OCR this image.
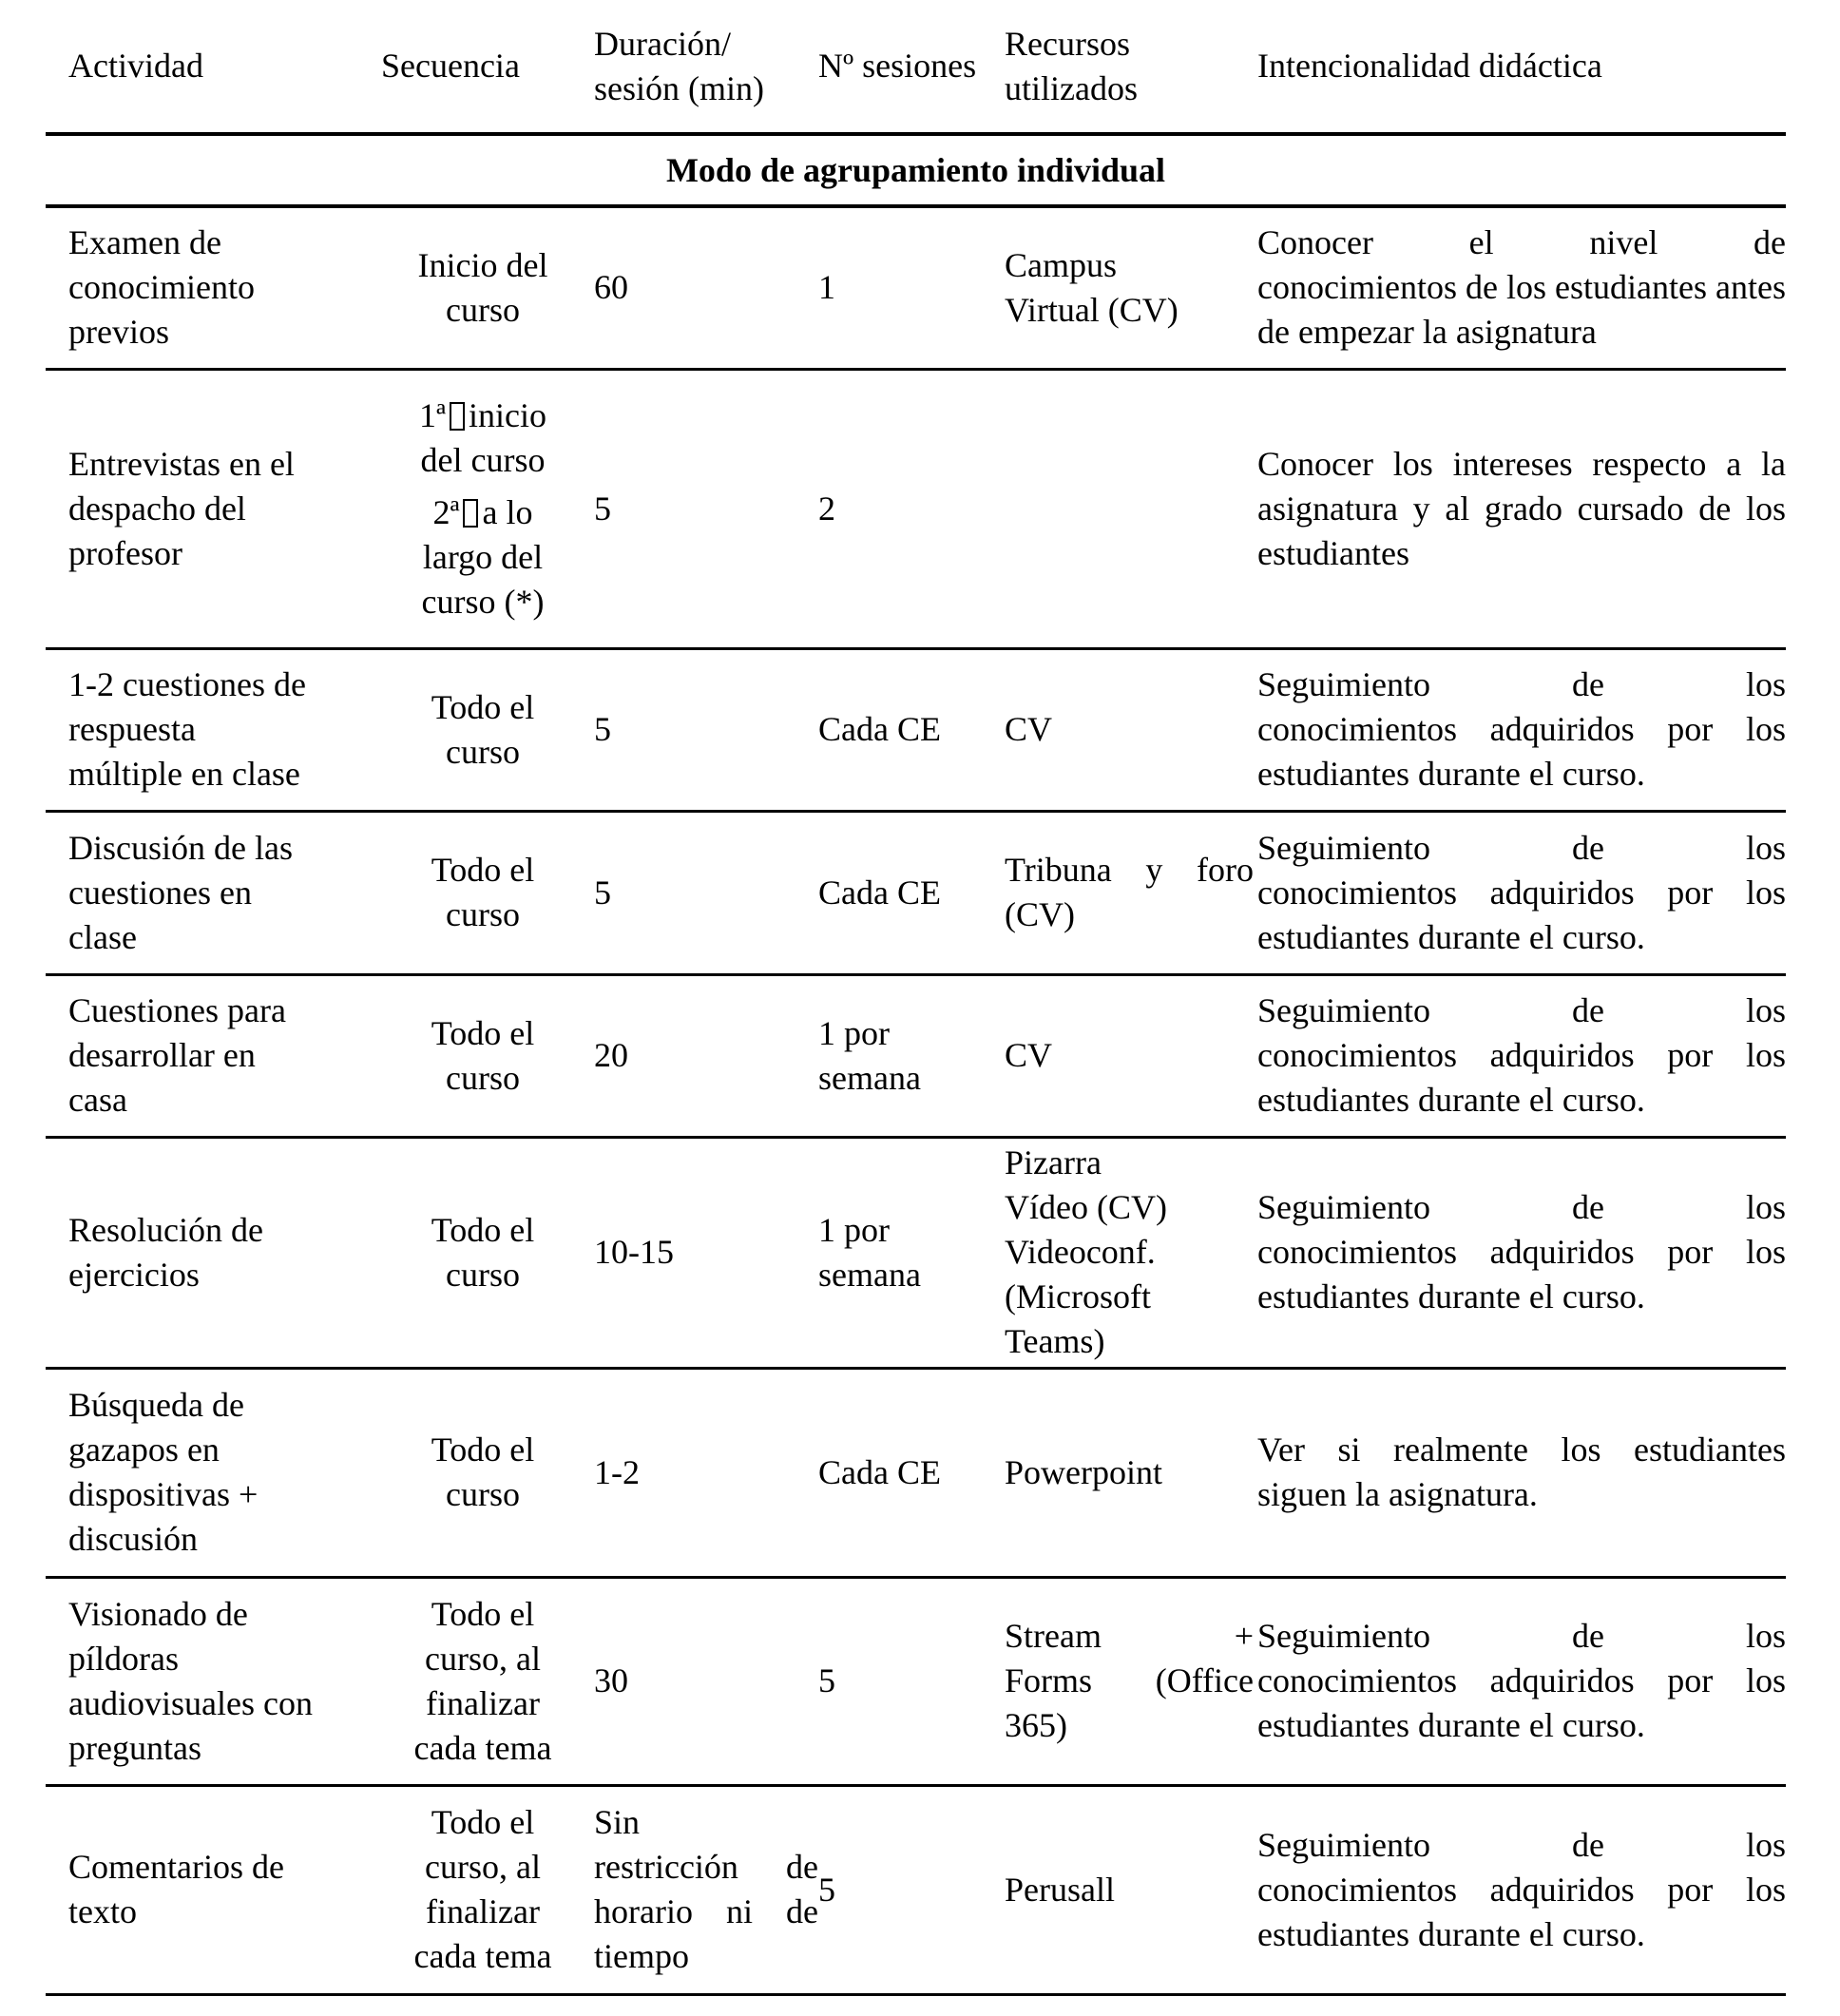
Actividad	Secuencia	Duración/
sesión (min)	Nº sesiones	Recursos
utilizados	Intencionalidad didáctica
Modo de agrupamiento individual					

Examen de
conocimiento
previos	Inicio del
curso	60	1	Campus
Virtual (CV)	Conocer el nivel de
conocimientos de los estudiantes antes de empezar la asignatura

Entrevistas en el
despacho del
profesor	1ª inicio
del curso
2ª a lo
largo del
curso (*)	5	2		Conocer los intereses respecto a la asignatura y al grado cursado de los estudiantes

1-2 cuestiones de
respuesta
múltiple en clase	Todo el
curso	5	Cada CE	CV	Seguimiento de los
conocimientos adquiridos por los estudiantes durante el curso.

Discusión de las
cuestiones en
clase	Todo el
curso	5	Cada CE	Tribuna y foro
(CV)	Seguimiento de los
conocimientos adquiridos por los estudiantes durante el curso.

Cuestiones para
desarrollar en
casa	Todo el
curso	20	1 por
semana	CV	Seguimiento de los
conocimientos adquiridos por los estudiantes durante el curso.

Resolución de
ejercicios	Todo el
curso	10-15	1 por
semana	Pizarra
Vídeo (CV)
Videoconf.
(Microsoft
Teams)	Seguimiento de los
conocimientos adquiridos por los estudiantes durante el curso.

Búsqueda de
gazapos en
dispositivas +
discusión	Todo el
curso	1-2	Cada CE	Powerpoint	Ver si realmente los estudiantes siguen la asignatura.

Visionado de
píldoras
audiovisuales con
preguntas	Todo el
curso, al
finalizar
cada tema	30	5	Stream +
Forms (Office
365)	Seguimiento de los
conocimientos adquiridos por los estudiantes durante el curso.

Comentarios de
texto	Todo el
curso, al
finalizar
cada tema	Sin
restricción de
horario ni de
tiempo	5	Perusall	Seguimiento de los
conocimientos adquiridos por los estudiantes durante el curso.
